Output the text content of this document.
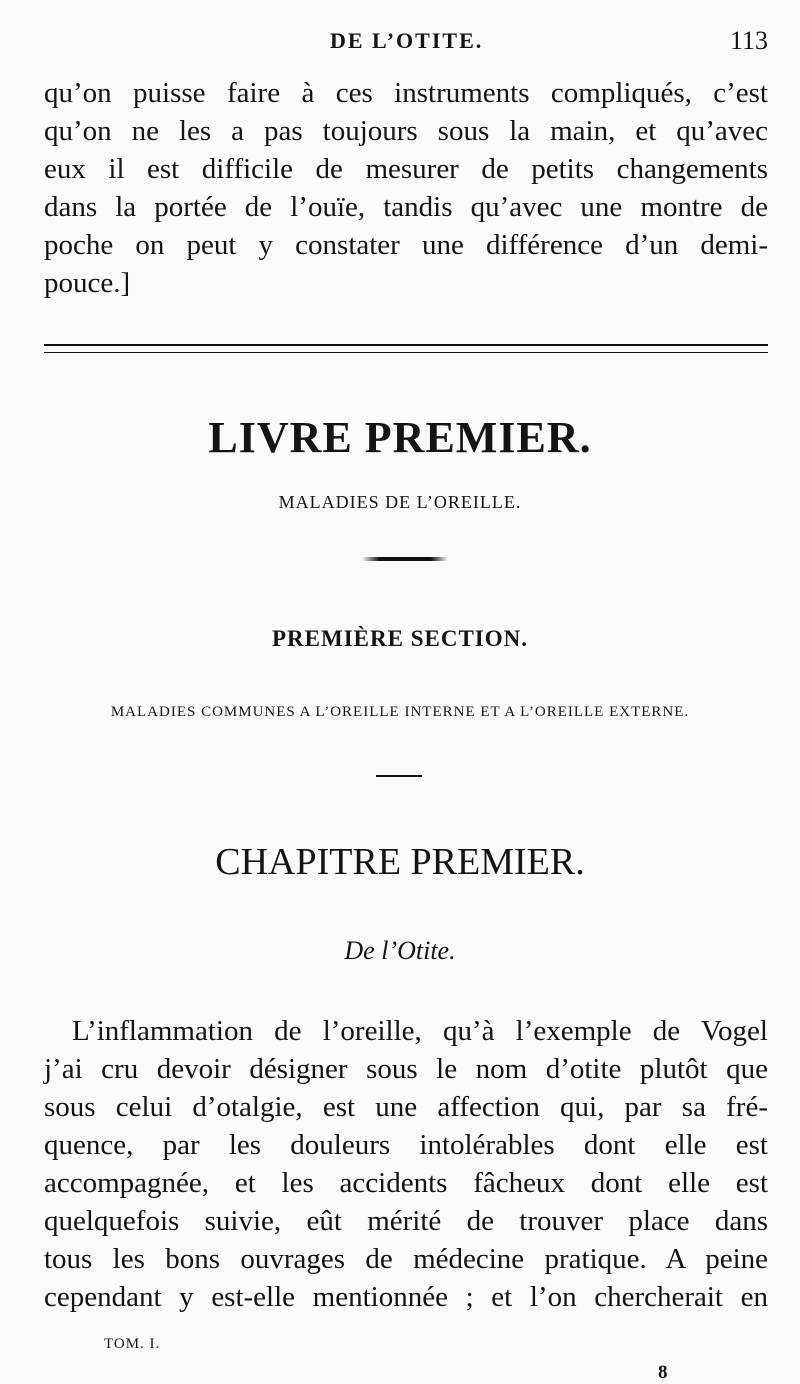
DE L’OTITE.	113
qu’on puisse faire à ces instruments compliqués, c’est
qu’on ne les a pas toujours sous la main, et qu’avec
eux il est difficile de mesurer de petits changements
dans la portée de l’ouïe, tandis qu’avec une montre de
poche on peut y constater une différence d’un demi-
pouce.]
LIVRE PREMIER.
MALADIES DE L’OREILLE.
PREMIÈRE SECTION.
MALADIES COMMUNES A L’OREILLE INTERNE ET A L’OREILLE EXTERNE.
CHAPITRE PREMIER.
De l’Otite.
L’inflammation de l’oreille, qu’à l’exemple de Vogel
j’ai cru devoir désigner sous le nom d’otite plutôt que
sous celui d’otalgie, est une affection qui, par sa fré-
quence, par les douleurs intolérables dont elle est
accompagnée, et les accidents fâcheux dont elle est
quelquefois suivie, eût mérité de trouver place dans
tous les bons ouvrages de médecine pratique. A peine
cependant y est-elle mentionnée ; et l’on chercherait en
TOM. I.
8
